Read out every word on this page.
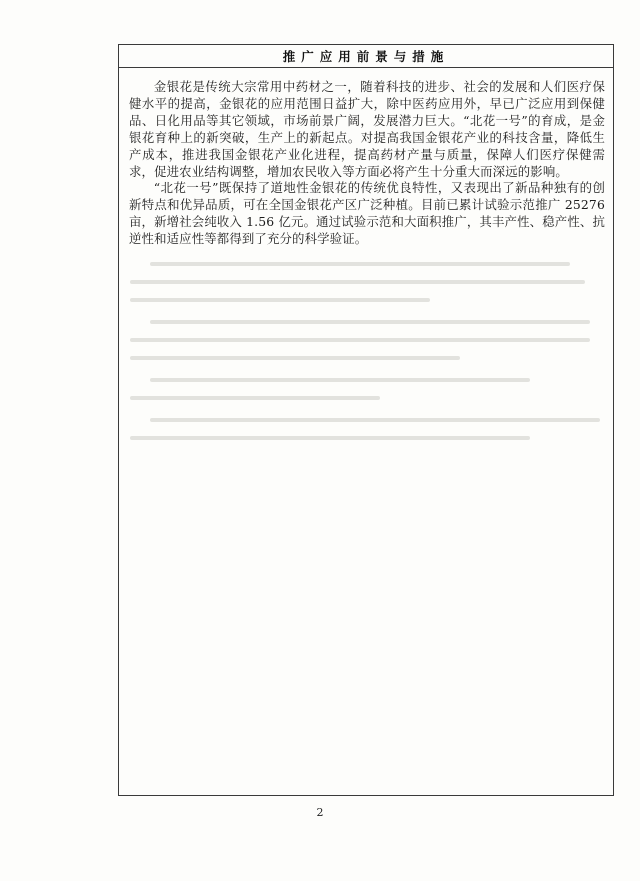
推广应用前景与措施

金银花是传统大宗常用中药材之一，随着科技的进步、社会的发展和人们医疗保健水平的提高，金银花的应用范围日益扩大，除中医药应用外，早已广泛应用到保健品、日化用品等其它领域，市场前景广阔，发展潜力巨大。“北花一号”的育成，是金银花育种上的新突破，生产上的新起点。对提高我国金银花产业的科技含量，降低生产成本，推进我国金银花产业化进程，提高药材产量与质量，保障人们医疗保健需求，促进农业结构调整，增加农民收入等方面必将产生十分重大而深远的影响。

“北花一号”既保持了道地性金银花的传统优良特性，又表现出了新品种独有的创新特点和优异品质，可在全国金银花产区广泛种植。目前已累计试验示范推广 25276 亩，新增社会纯收入 1.56 亿元。通过试验示范和大面积推广，其丰产性、稳产性、抗逆性和适应性等都得到了充分的科学验证。

2
